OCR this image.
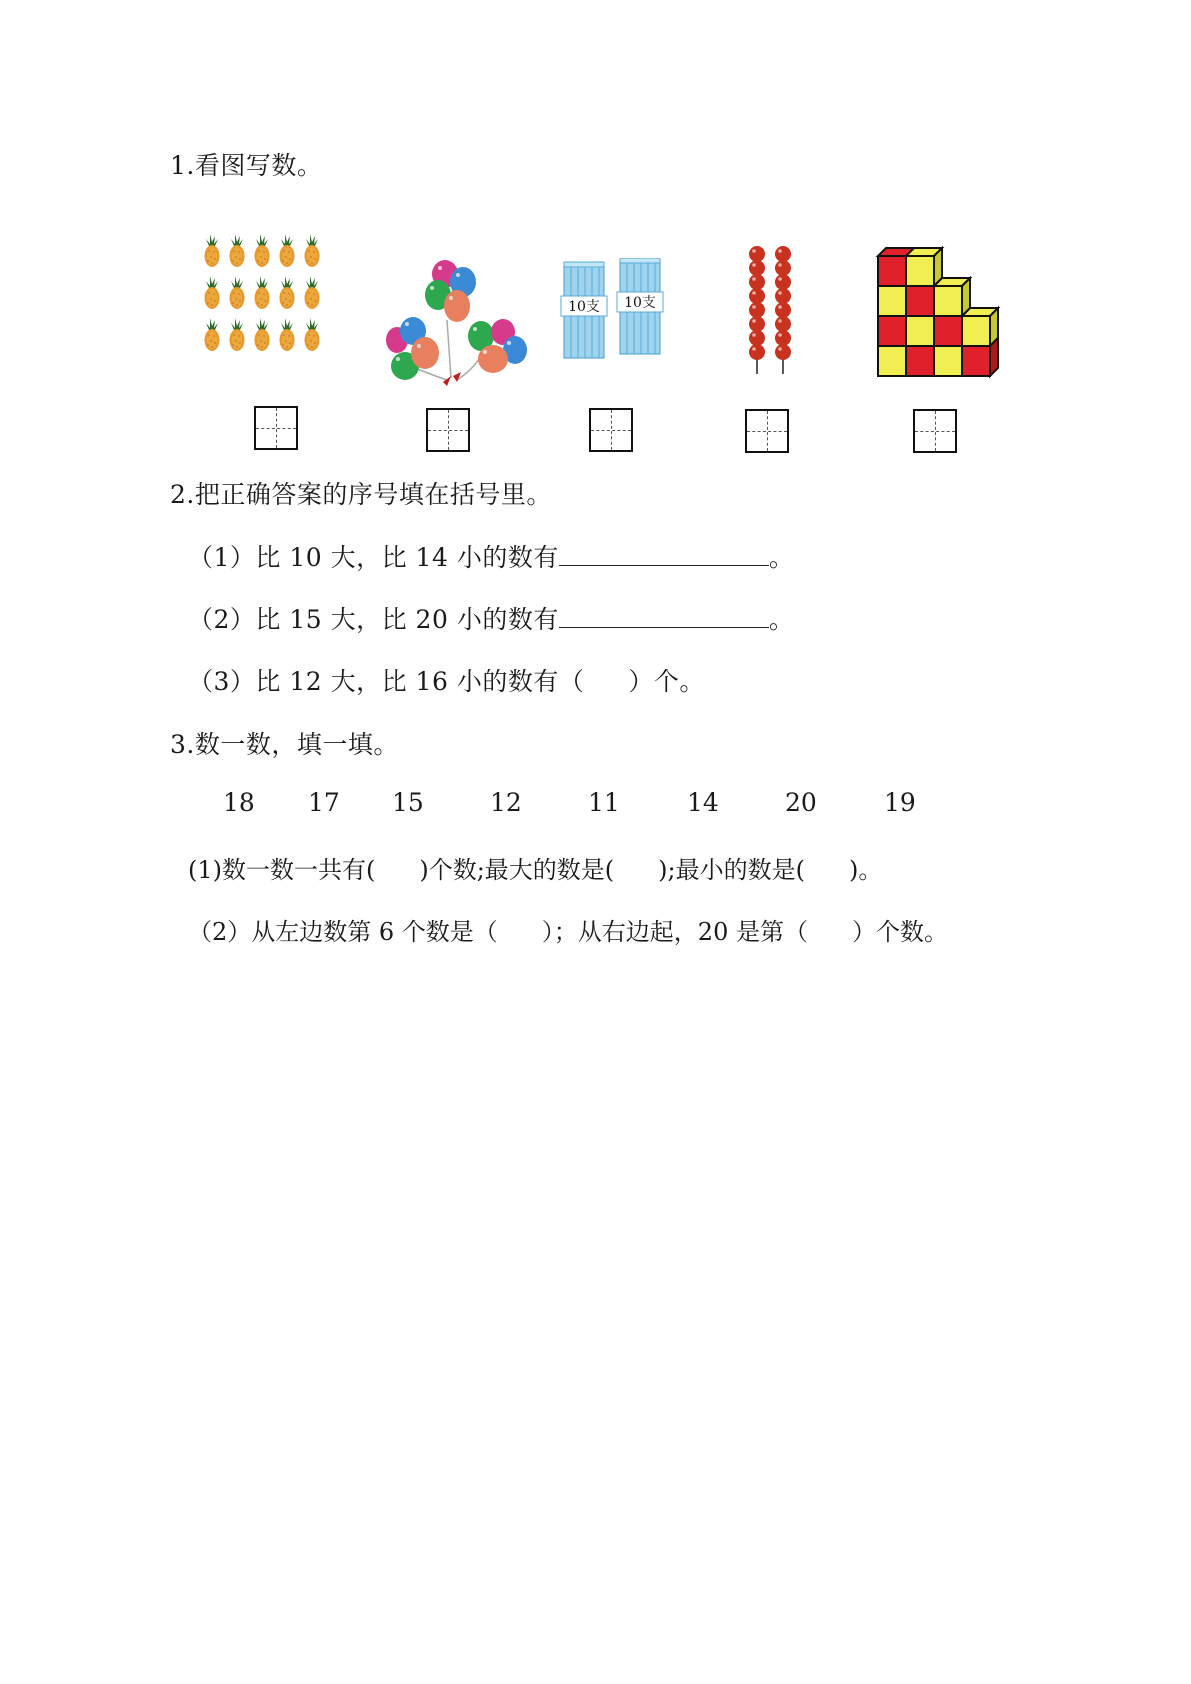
1.看图写数。
10支 10支
2.把正确答案的序号填在括号里。
（1）比 10 大，比 14 小的数有	。
（2）比 15 大，比 20 小的数有	。
（3）比 12 大，比 16 小的数有（ ）个。
3.数一数，填一填。
18 17 15	12	11	14	20	19
(1)数一数一共有( )个数;最大的数是( );最小的数是( )。
（2）从左边数第 6 个数是（ ）；从右边起，20 是第（ ）个数。
